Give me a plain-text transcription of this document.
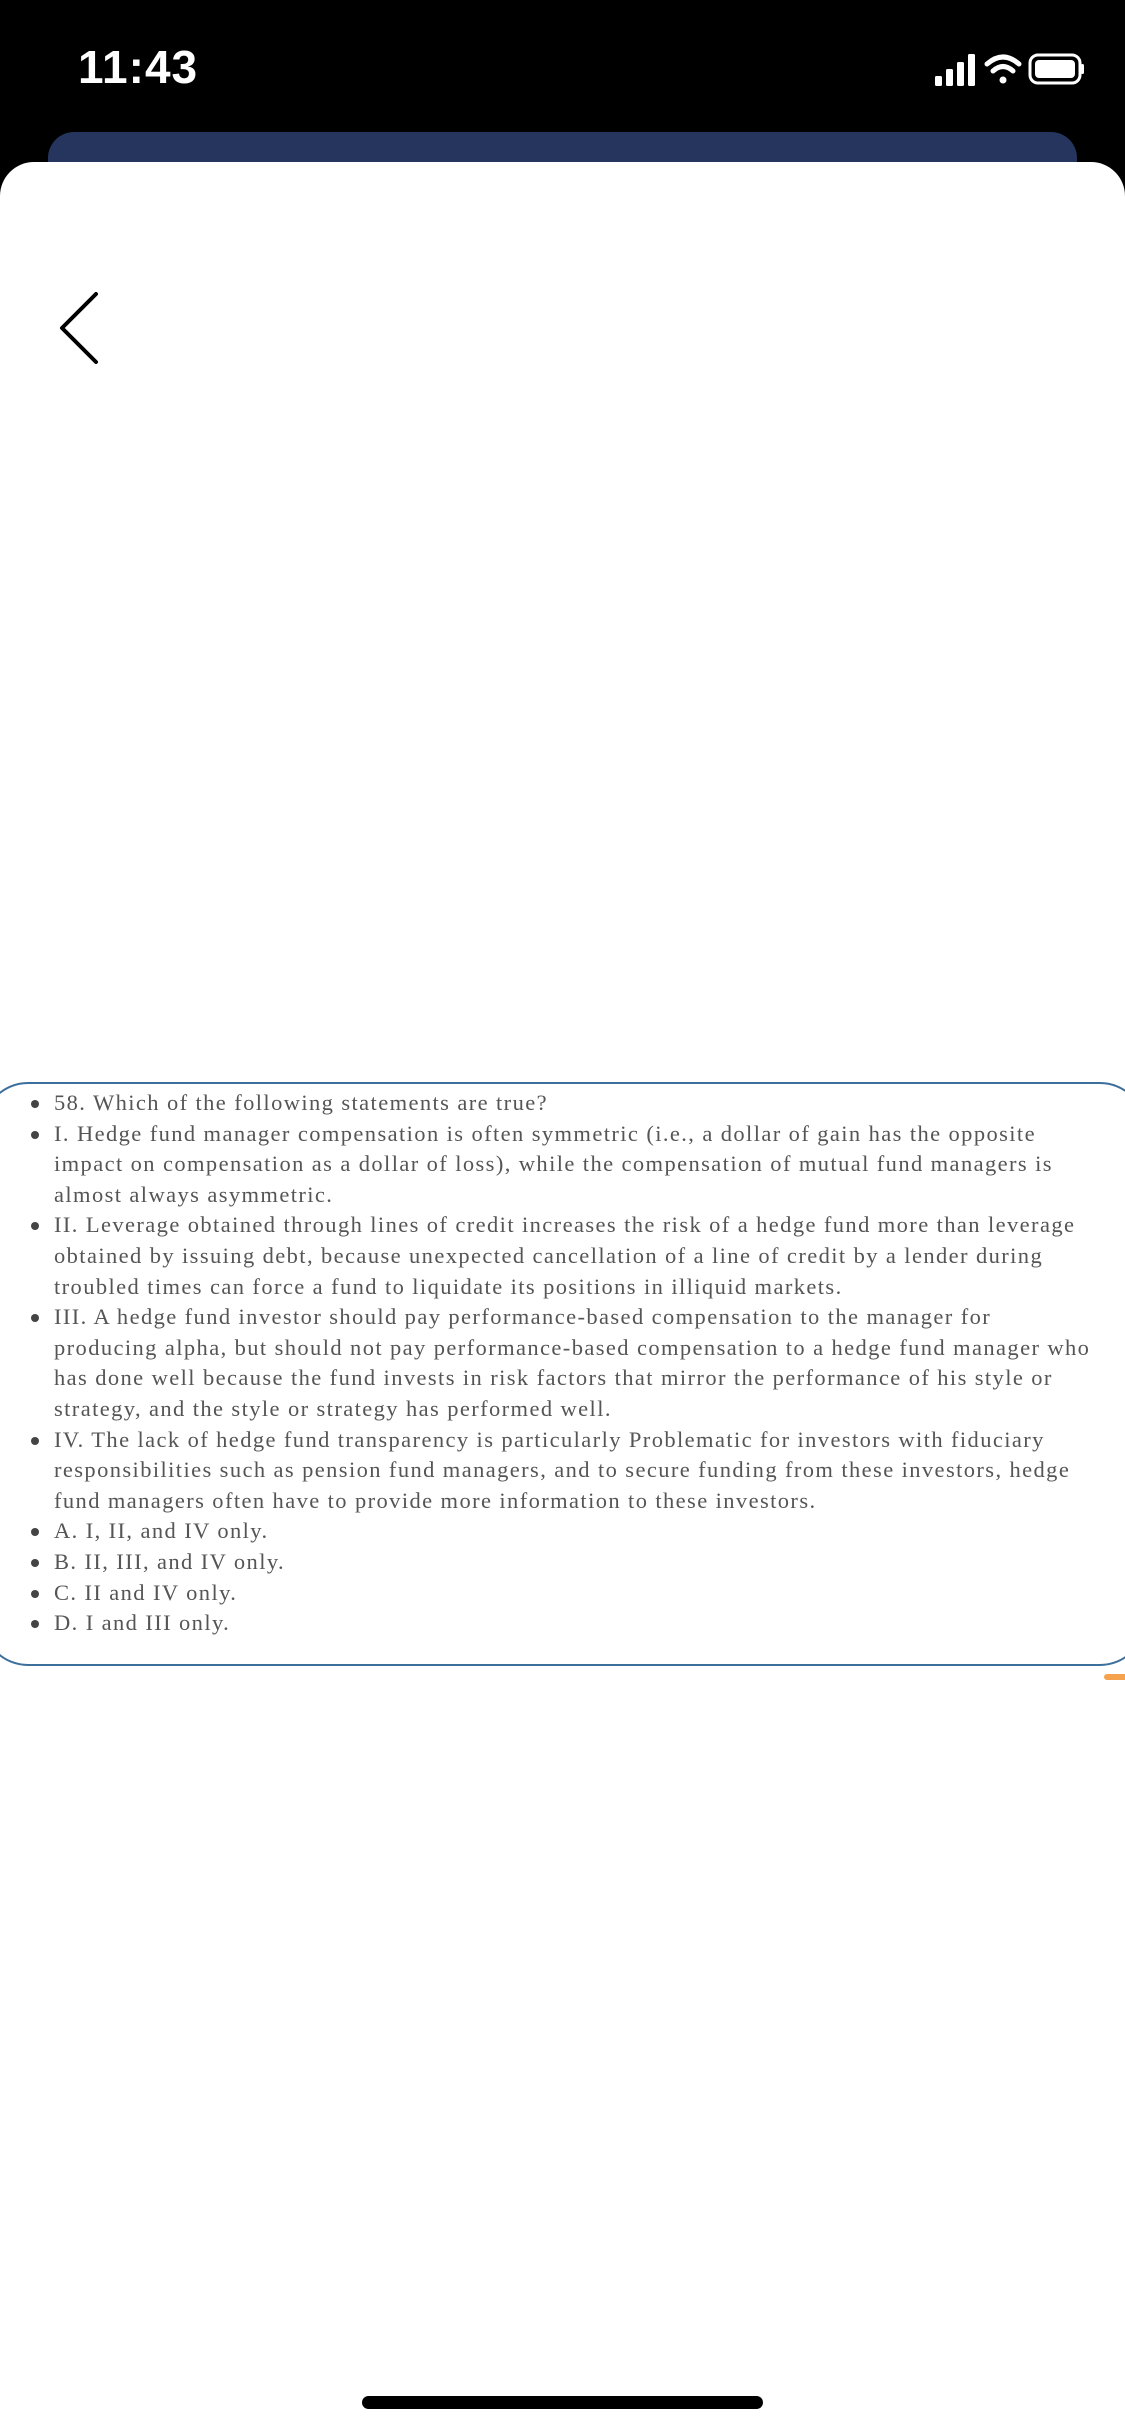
11:43
58. Which of the following statements are true?
I. Hedge fund manager compensation is often symmetric (i.e., a dollar of gain has the opposite impact on compensation as a dollar of loss), while the compensation of mutual fund managers is almost always asymmetric.
II. Leverage obtained through lines of credit increases the risk of a hedge fund more than leverage obtained by issuing debt, because unexpected cancellation of a line of credit by a lender during troubled times can force a fund to liquidate its positions in illiquid markets.
III. A hedge fund investor should pay performance-based compensation to the manager for producing alpha, but should not pay performance-based compensation to a hedge fund manager who has done well because the fund invests in risk factors that mirror the performance of his style or strategy, and the style or strategy has performed well.
IV. The lack of hedge fund transparency is particularly Problematic for investors with fiduciary responsibilities such as pension fund managers, and to secure funding from these investors, hedge fund managers often have to provide more information to these investors.
A. I, II, and IV only.
B. II, III, and IV only.
C. II and IV only.
D. I and III only.
